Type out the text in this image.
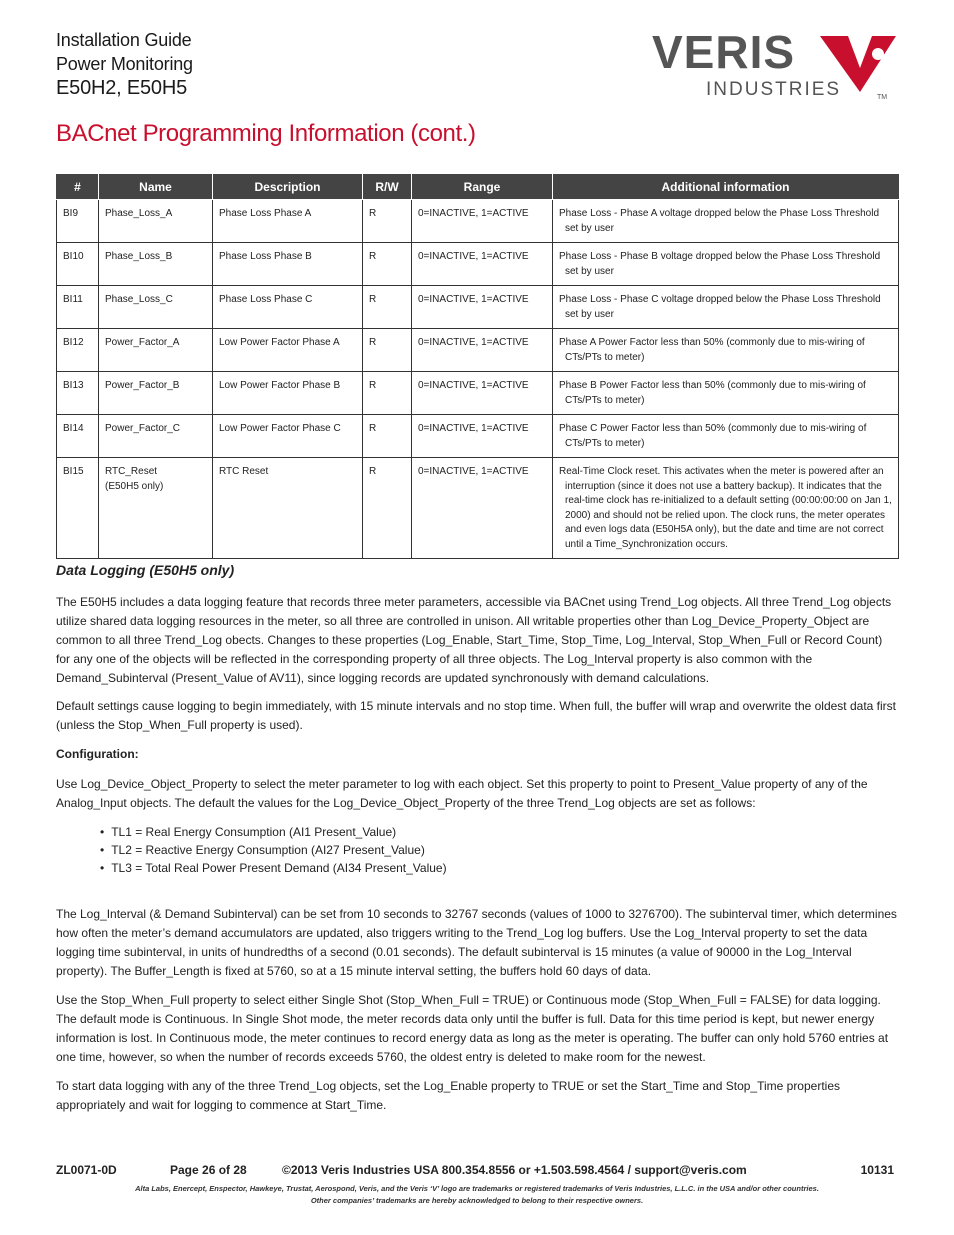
Installation Guide
Power Monitoring
E50H2, E50H5
VERIS
INDUSTRIES	TM
BACnet Programming Information (cont.)
#	Name	Description	R/W	Range	Additional information
BI9	Phase_Loss_A	Phase Loss Phase A	R	0=INACTIVE, 1=ACTIVE	Phase Loss - Phase A voltage dropped below the Phase Loss Threshold set by user

BI10	Phase_Loss_B	Phase Loss Phase B	R	0=INACTIVE, 1=ACTIVE	Phase Loss - Phase B voltage dropped below the Phase Loss Threshold set by user

BI11	Phase_Loss_C	Phase Loss Phase C	R	0=INACTIVE, 1=ACTIVE	Phase Loss - Phase C voltage dropped below the Phase Loss Threshold set by user

BI12	Power_Factor_A	Low Power Factor Phase A	R	0=INACTIVE, 1=ACTIVE	Phase A Power Factor less than 50% (commonly due to mis-wiring of CTs/PTs to meter)

BI13	Power_Factor_B	Low Power Factor Phase B	R	0=INACTIVE, 1=ACTIVE	Phase B Power Factor less than 50% (commonly due to mis-wiring of CTs/PTs to meter)

BI14	Power_Factor_C	Low Power Factor Phase C	R	0=INACTIVE, 1=ACTIVE	Phase C Power Factor less than 50% (commonly due to mis-wiring of CTs/PTs to meter)

BI15	RTC_Reset
(E50H5 only)	RTC Reset	R	0=INACTIVE, 1=ACTIVE	Real-Time Clock reset. This activates when the meter is powered after an interruption (since it does not use a battery backup). It indicates that the real-time clock has re-initialized to a default setting (00:00:00:00 on Jan 1, 2000) and should not be relied upon. The clock runs, the meter operates and even logs data (E50H5A only), but the date and time are not correct until a Time_Synchronization occurs.
Data Logging (E50H5 only)
The E50H5 includes a data logging feature that records three meter parameters, accessible via BACnet using Trend_Log objects. All three Trend_Log objects utilize shared data logging resources in the meter, so all three are controlled in unison. All writable properties other than Log_Device_Property_Object are common to all three Trend_Log obects. Changes to these properties (Log_Enable, Start_Time, Stop_Time, Log_Interval, Stop_When_Full or Record Count) for any one of the objects will be reflected in the corresponding property of all three objects. The Log_Interval property is also common with the Demand_Subinterval (Present_Value of AV11), since logging records are updated synchronously with demand calculations.
Default settings cause logging to begin immediately, with 15 minute intervals and no stop time. When full, the buffer will wrap and overwrite the oldest data first (unless the Stop_When_Full property is used).
Configuration:
Use Log_Device_Object_Property to select the meter parameter to log with each object. Set this property to point to Present_Value property of any of the Analog_Input objects. The default the values for the Log_Device_Object_Property of the three Trend_Log objects are set as follows:
• TL1 = Real Energy Consumption (AI1 Present_Value)
• TL2 = Reactive Energy Consumption (AI27 Present_Value)
• TL3 = Total Real Power Present Demand (AI34 Present_Value)
The Log_Interval (& Demand Subinterval) can be set from 10 seconds to 32767 seconds (values of 1000 to 3276700). The subinterval timer, which determines how often the meter’s demand accumulators are updated, also triggers writing to the Trend_Log log buffers. Use the Log_Interval property to set the data logging time subinterval, in units of hundredths of a second (0.01 seconds). The default subinterval is 15 minutes (a value of 90000 in the Log_Interval property). The Buffer_Length is fixed at 5760, so at a 15 minute interval setting, the buffers hold 60 days of data.
Use the Stop_When_Full property to select either Single Shot (Stop_When_Full = TRUE) or Continuous mode (Stop_When_Full = FALSE) for data logging. The default mode is Continuous. In Single Shot mode, the meter records data only until the buffer is full. Data for this time period is kept, but newer energy information is lost. In Continuous mode, the meter continues to record energy data as long as the meter is operating. The buffer can only hold 5760 entries at one time, however, so when the number of records exceeds 5760, the oldest entry is deleted to make room for the newest.
To start data logging with any of the three Trend_Log objects, set the Log_Enable property to TRUE or set the Start_Time and Stop_Time properties appropriately and wait for logging to commence at Start_Time.
ZL0071-0D	Page 26 of 28	©2013 Veris Industries USA 800.354.8556 or +1.503.598.4564 / support@veris.com	10131
Alta Labs, Enercept, Enspector, Hawkeye, Trustat, Aerospond, Veris, and the Veris ‘V’ logo are trademarks or registered trademarks of Veris Industries, L.L.C. in the USA and/or other countries.
Other companies’ trademarks are hereby acknowledged to belong to their respective owners.
